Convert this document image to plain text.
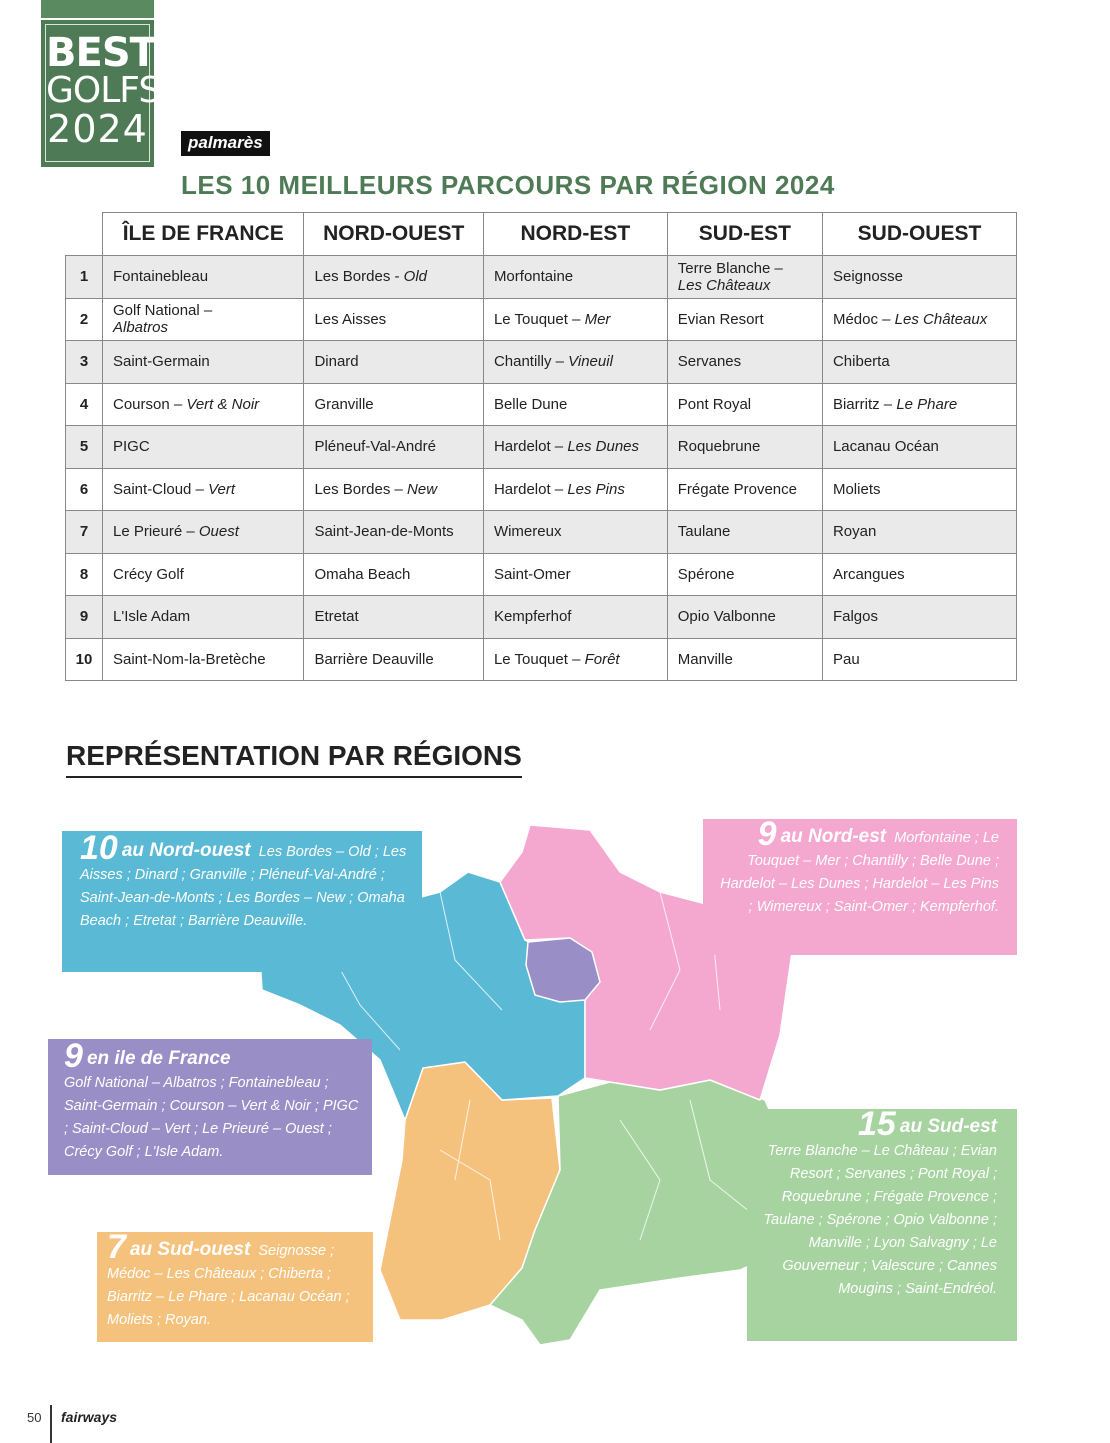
BEST
GOLFS
2024	palmarès
LES 10 MEILLEURS PARCOURS PAR RÉGION 2024
	ÎLE DE FRANCE	NORD-OUEST	NORD-EST	SUD-EST	SUD-OUEST
1	Fontainebleau	Les Bordes - Old	Morfontaine	Terre Blanche –
Les Châteaux	Seignosse
2	Golf National –
Albatros	Les Aisses	Le Touquet – Mer	Evian Resort	Médoc – Les Châteaux
3	Saint-Germain	Dinard	Chantilly – Vineuil	Servanes	Chiberta
4	Courson – Vert & Noir	Granville	Belle Dune	Pont Royal	Biarritz – Le Phare
5	PIGC	Pléneuf-Val-André	Hardelot – Les Dunes	Roquebrune	Lacanau Océan
6	Saint-Cloud – Vert	Les Bordes – New	Hardelot – Les Pins	Frégate Provence	Moliets
7	Le Prieuré – Ouest	Saint-Jean-de-Monts	Wimereux	Taulane	Royan
8	Crécy Golf	Omaha Beach	Saint-Omer	Spérone	Arcangues
9	L'Isle Adam	Etretat	Kempferhof	Opio Valbonne	Falgos
10	Saint-Nom-la-Bretèche	Barrière Deauville	Le Touquet – Forêt	Manville	Pau
REPRÉSENTATION PAR RÉGIONS
10 au Nord-ouest Les Bordes – Old ; Les Aisses ; Dinard ; Granville ; Pléneuf-Val-André ; Saint-Jean-de-Monts ; Les Bordes – New ; Omaha Beach ; Etretat ; Barrière Deauville.
9 au Nord-est Morfontaine ; Le Touquet – Mer ; Chantilly ; Belle Dune ; Hardelot – Les Dunes ; Hardelot – Les Pins ; Wimereux ; Saint-Omer ; Kempferhof.
9 en ile de France
Golf National – Albatros ; Fontainebleau ; Saint-Germain ; Courson – Vert & Noir ; PIGC ; Saint-Cloud – Vert ; Le Prieuré – Ouest ; Crécy Golf ; L'Isle Adam.
15 au Sud-est
Terre Blanche – Le Château ; Evian Resort ; Servanes ; Pont Royal ; Roquebrune ; Frégate Provence ; Taulane ; Spérone ; Opio Valbonne ; Manville ; Lyon Salvagny ; Le Gouverneur ; Valescure ; Cannes Mougins ; Saint-Endréol.
7 au Sud-ouest Seignosse ; Médoc – Les Châteaux ; Chiberta ; Biarritz – Le Phare ; Lacanau Océan ; Moliets ; Royan.
50 fairways
